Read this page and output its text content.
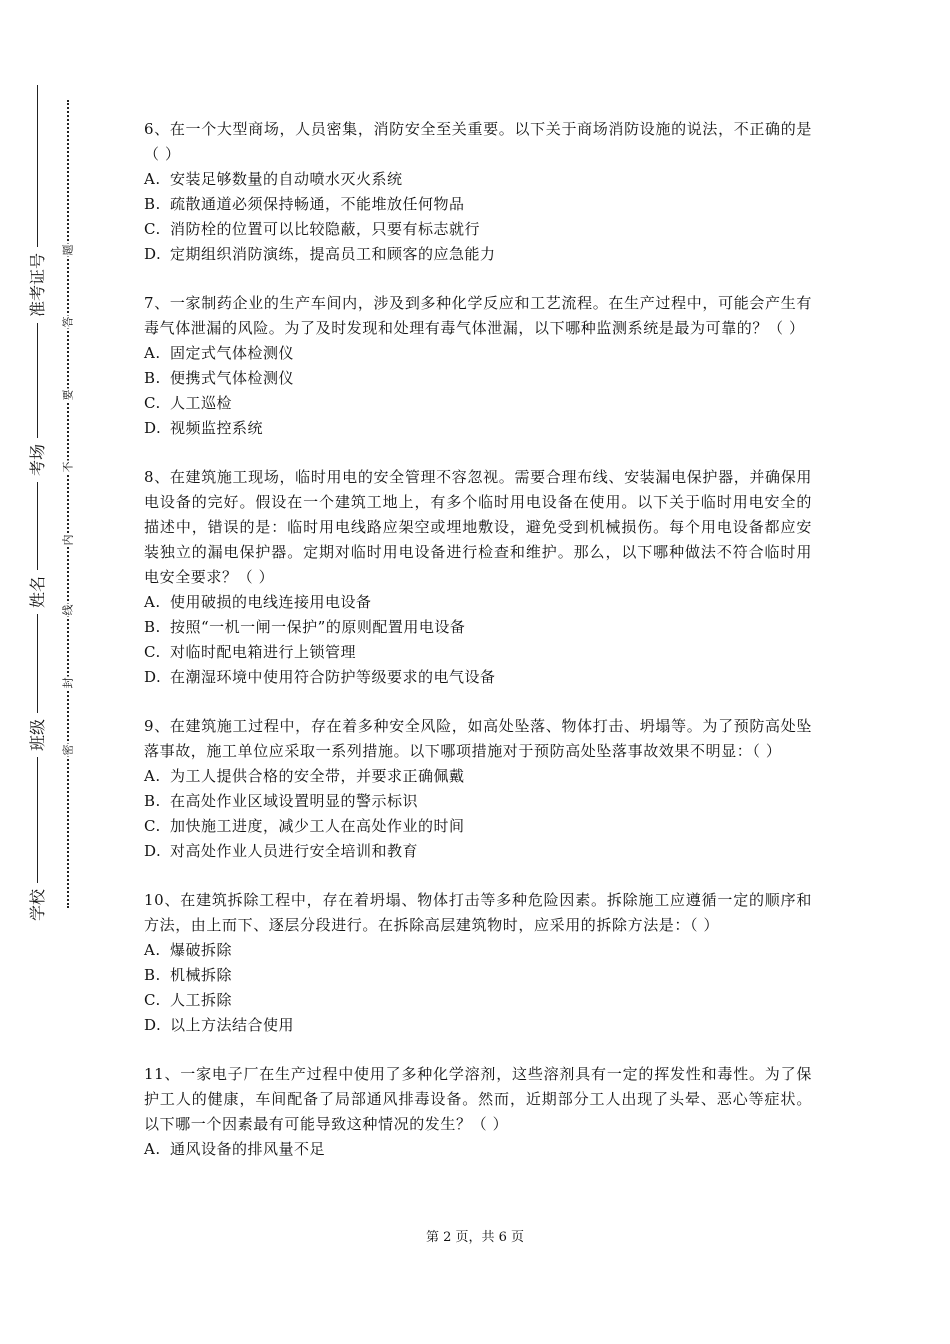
学校
班级
姓名
考场
准考证号
密
封
线
内
不
要
答
题
6、在一个大型商场，人员密集，消防安全至关重要。以下关于商场消防设施的说法，不正确的是（ ）
A. 安装足够数量的自动喷水灭火系统
B. 疏散通道必须保持畅通，不能堆放任何物品
C. 消防栓的位置可以比较隐蔽，只要有标志就行
D. 定期组织消防演练，提高员工和顾客的应急能力
7、一家制药企业的生产车间内，涉及到多种化学反应和工艺流程。在生产过程中，可能会产生有毒气体泄漏的风险。为了及时发现和处理有毒气体泄漏，以下哪种监测系统是最为可靠的？（ ）
A. 固定式气体检测仪
B. 便携式气体检测仪
C. 人工巡检
D. 视频监控系统
8、在建筑施工现场，临时用电的安全管理不容忽视。需要合理布线、安装漏电保护器，并确保用电设备的完好。假设在一个建筑工地上，有多个临时用电设备在使用。以下关于临时用电安全的描述中，错误的是：临时用电线路应架空或埋地敷设，避免受到机械损伤。每个用电设备都应安装独立的漏电保护器。定期对临时用电设备进行检查和维护。那么，以下哪种做法不符合临时用电安全要求？（ ）
A. 使用破损的电线连接用电设备
B. 按照“一机一闸一保护”的原则配置用电设备
C. 对临时配电箱进行上锁管理
D. 在潮湿环境中使用符合防护等级要求的电气设备
9、在建筑施工过程中，存在着多种安全风险，如高处坠落、物体打击、坍塌等。为了预防高处坠落事故，施工单位应采取一系列措施。以下哪项措施对于预防高处坠落事故效果不明显：（ ）
A. 为工人提供合格的安全带，并要求正确佩戴
B. 在高处作业区域设置明显的警示标识
C. 加快施工进度，减少工人在高处作业的时间
D. 对高处作业人员进行安全培训和教育
10、在建筑拆除工程中，存在着坍塌、物体打击等多种危险因素。拆除施工应遵循一定的顺序和方法，由上而下、逐层分段进行。在拆除高层建筑物时，应采用的拆除方法是：（ ）
A. 爆破拆除
B. 机械拆除
C. 人工拆除
D. 以上方法结合使用
11、一家电子厂在生产过程中使用了多种化学溶剂，这些溶剂具有一定的挥发性和毒性。为了保护工人的健康，车间配备了局部通风排毒设备。然而，近期部分工人出现了头晕、恶心等症状。以下哪一个因素最有可能导致这种情况的发生？（ ）
A. 通风设备的排风量不足
第 2 页，共 6 页
